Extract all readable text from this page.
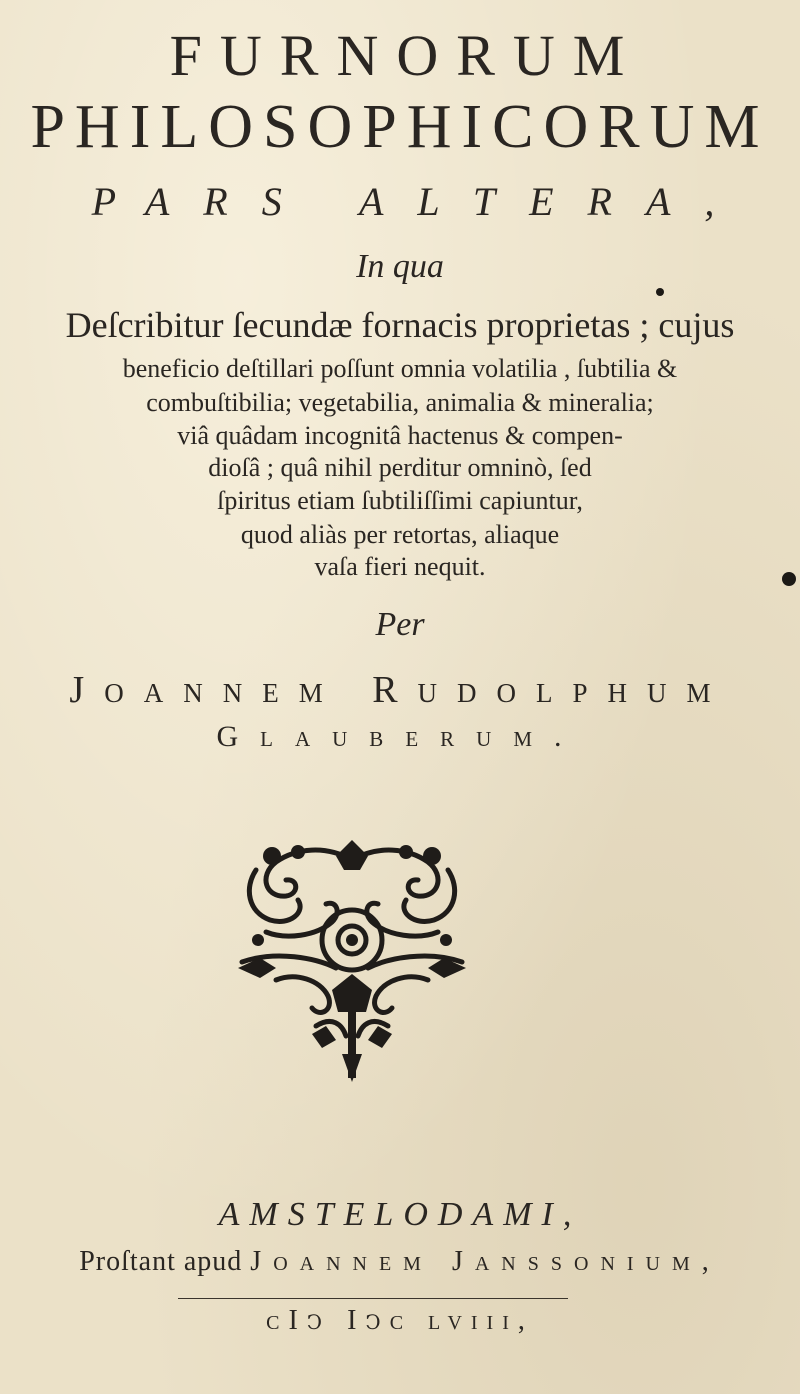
FURNORUM
PHILOSOPHICORUM
PARS ALTERA,
In qua
Deſcribitur ſecundæ fornacis proprietas ; cujus
beneficio deſtillari poſſunt omnia volatilia , ſubtilia &
combuſtibilia; vegetabilia, animalia & mineralia;
viâ quâdam incognitâ hactenus & compen-
dioſâ ; quâ nihil perditur omninò, ſed
ſpiritus etiam ſubtiliſſimi capiuntur,
quod aliàs per retortas, aliaque
vaſa fieri nequit.
Per
Joannem Rudolphum
Glauberum.
AMSTELODAMI,
Proſtant apud Joannem Janssonium,
cIↄ Iↄc lviii,
